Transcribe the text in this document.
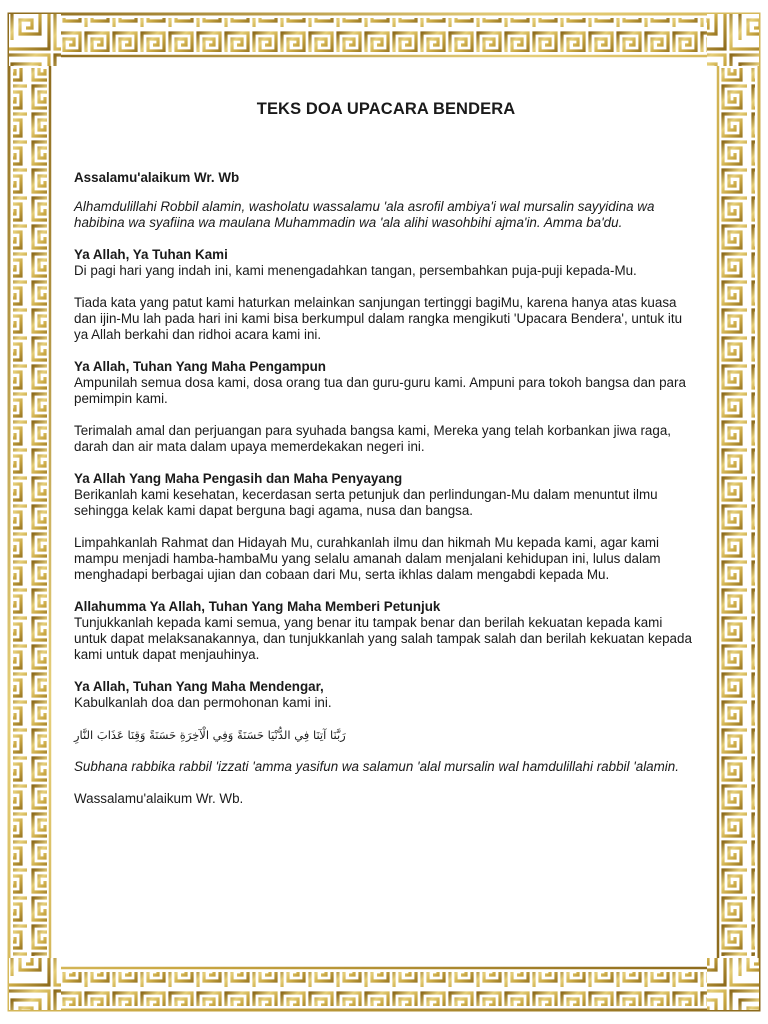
TEKS DOA UPACARA BENDERA

Assalamu'alaikum Wr. Wb

Alhamdulillahi Robbil alamin, washolatu wassalamu 'ala asrofil ambiya'i wal mursalin sayyidina wa habibina wa syafiina wa maulana Muhammadin wa 'ala alihi wasohbihi ajma'in. Amma ba'du.

Ya Allah, Ya Tuhan Kami
Di pagi hari yang indah ini, kami menengadahkan tangan, persembahkan puja-puji kepada-Mu.

Tiada kata yang patut kami haturkan melainkan sanjungan tertinggi bagiMu, karena hanya atas kuasa dan ijin-Mu lah pada hari ini kami bisa berkumpul dalam rangka mengikuti 'Upacara Bendera', untuk itu ya Allah berkahi dan ridhoi acara kami ini.

Ya Allah, Tuhan Yang Maha Pengampun
Ampunilah semua dosa kami, dosa orang tua dan guru-guru kami. Ampuni para tokoh bangsa dan para pemimpin kami.

Terimalah amal dan perjuangan para syuhada bangsa kami, Mereka yang telah korbankan jiwa raga, darah dan air mata dalam upaya memerdekakan negeri ini.

Ya Allah Yang Maha Pengasih dan Maha Penyayang
Berikanlah kami kesehatan, kecerdasan serta petunjuk dan perlindungan-Mu dalam menuntut ilmu sehingga kelak kami dapat berguna bagi agama, nusa dan bangsa.

Limpahkanlah Rahmat dan Hidayah Mu, curahkanlah ilmu dan hikmah Mu kepada kami, agar kami mampu menjadi hamba-hambaMu yang selalu amanah dalam menjalani kehidupan ini, lulus dalam menghadapi berbagai ujian dan cobaan dari Mu, serta ikhlas dalam mengabdi kepada Mu.

Allahumma Ya Allah, Tuhan Yang Maha Memberi Petunjuk
Tunjukkanlah kepada kami semua, yang benar itu tampak benar dan berilah kekuatan kepada kami untuk dapat melaksanakannya, dan tunjukkanlah yang salah tampak salah dan berilah kekuatan kepada kami untuk dapat menjauhinya.

Ya Allah, Tuhan Yang Maha Mendengar,
Kabulkanlah doa dan permohonan kami ini.

رَبَّنَا آتِنَا فِي الدُّنْيَا حَسَنَةً وَفِي الْآخِرَةِ حَسَنَةً وَقِنَا عَذَابَ النَّارِ

Subhana rabbika rabbil 'izzati 'amma yasifun wa salamun 'alal mursalin wal hamdulillahi rabbil 'alamin.

Wassalamu'alaikum Wr. Wb.
